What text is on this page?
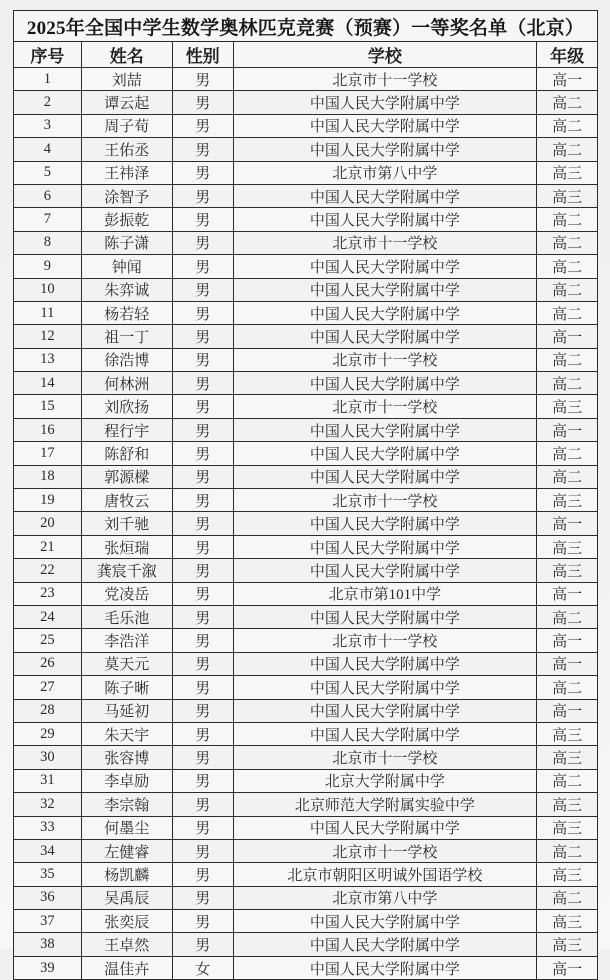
2025年全国中学生数学奥林匹克竞赛（预赛）一等奖名单（北京）				
序号	姓名	性别	学校	年级
1	刘喆	男	北京市十一学校	高一
2	谭云起	男	中国人民大学附属中学	高二
3	周子荀	男	中国人民大学附属中学	高二
4	王佑丞	男	中国人民大学附属中学	高二
5	王祎泽	男	北京市第八中学	高三
6	涂智予	男	中国人民大学附属中学	高三
7	彭振乾	男	中国人民大学附属中学	高二
8	陈子潇	男	北京市十一学校	高二
9	钟闻	男	中国人民大学附属中学	高二
10	朱弈诚	男	中国人民大学附属中学	高二
11	杨若轻	男	中国人民大学附属中学	高二
12	祖一丁	男	中国人民大学附属中学	高一
13	徐浩博	男	北京市十一学校	高二
14	何林洲	男	中国人民大学附属中学	高二
15	刘欣扬	男	北京市十一学校	高三
16	程行宇	男	中国人民大学附属中学	高一
17	陈舒和	男	中国人民大学附属中学	高二
18	郭源樑	男	中国人民大学附属中学	高二
19	唐牧云	男	北京市十一学校	高三
20	刘千驰	男	中国人民大学附属中学	高一
21	张烜瑞	男	中国人民大学附属中学	高三
22	龚宸千溆	男	中国人民大学附属中学	高三
23	党凌岳	男	北京市第101中学	高一
24	毛乐池	男	中国人民大学附属中学	高二
25	李浩洋	男	北京市十一学校	高一
26	莫天元	男	中国人民大学附属中学	高一
27	陈子晰	男	中国人民大学附属中学	高二
28	马延初	男	中国人民大学附属中学	高一
29	朱天宇	男	中国人民大学附属中学	高三
30	张容博	男	北京市十一学校	高三
31	李卓励	男	北京大学附属中学	高二
32	李宗翰	男	北京师范大学附属实验中学	高三
33	何墨尘	男	中国人民大学附属中学	高三
34	左健睿	男	北京市十一学校	高二
35	杨凯麟	男	北京市朝阳区明诚外国语学校	高三
36	吴禹辰	男	北京市第八中学	高二
37	张奕辰	男	中国人民大学附属中学	高三
38	王卓然	男	中国人民大学附属中学	高三
39	温佳卉	女	中国人民大学附属中学	高一
